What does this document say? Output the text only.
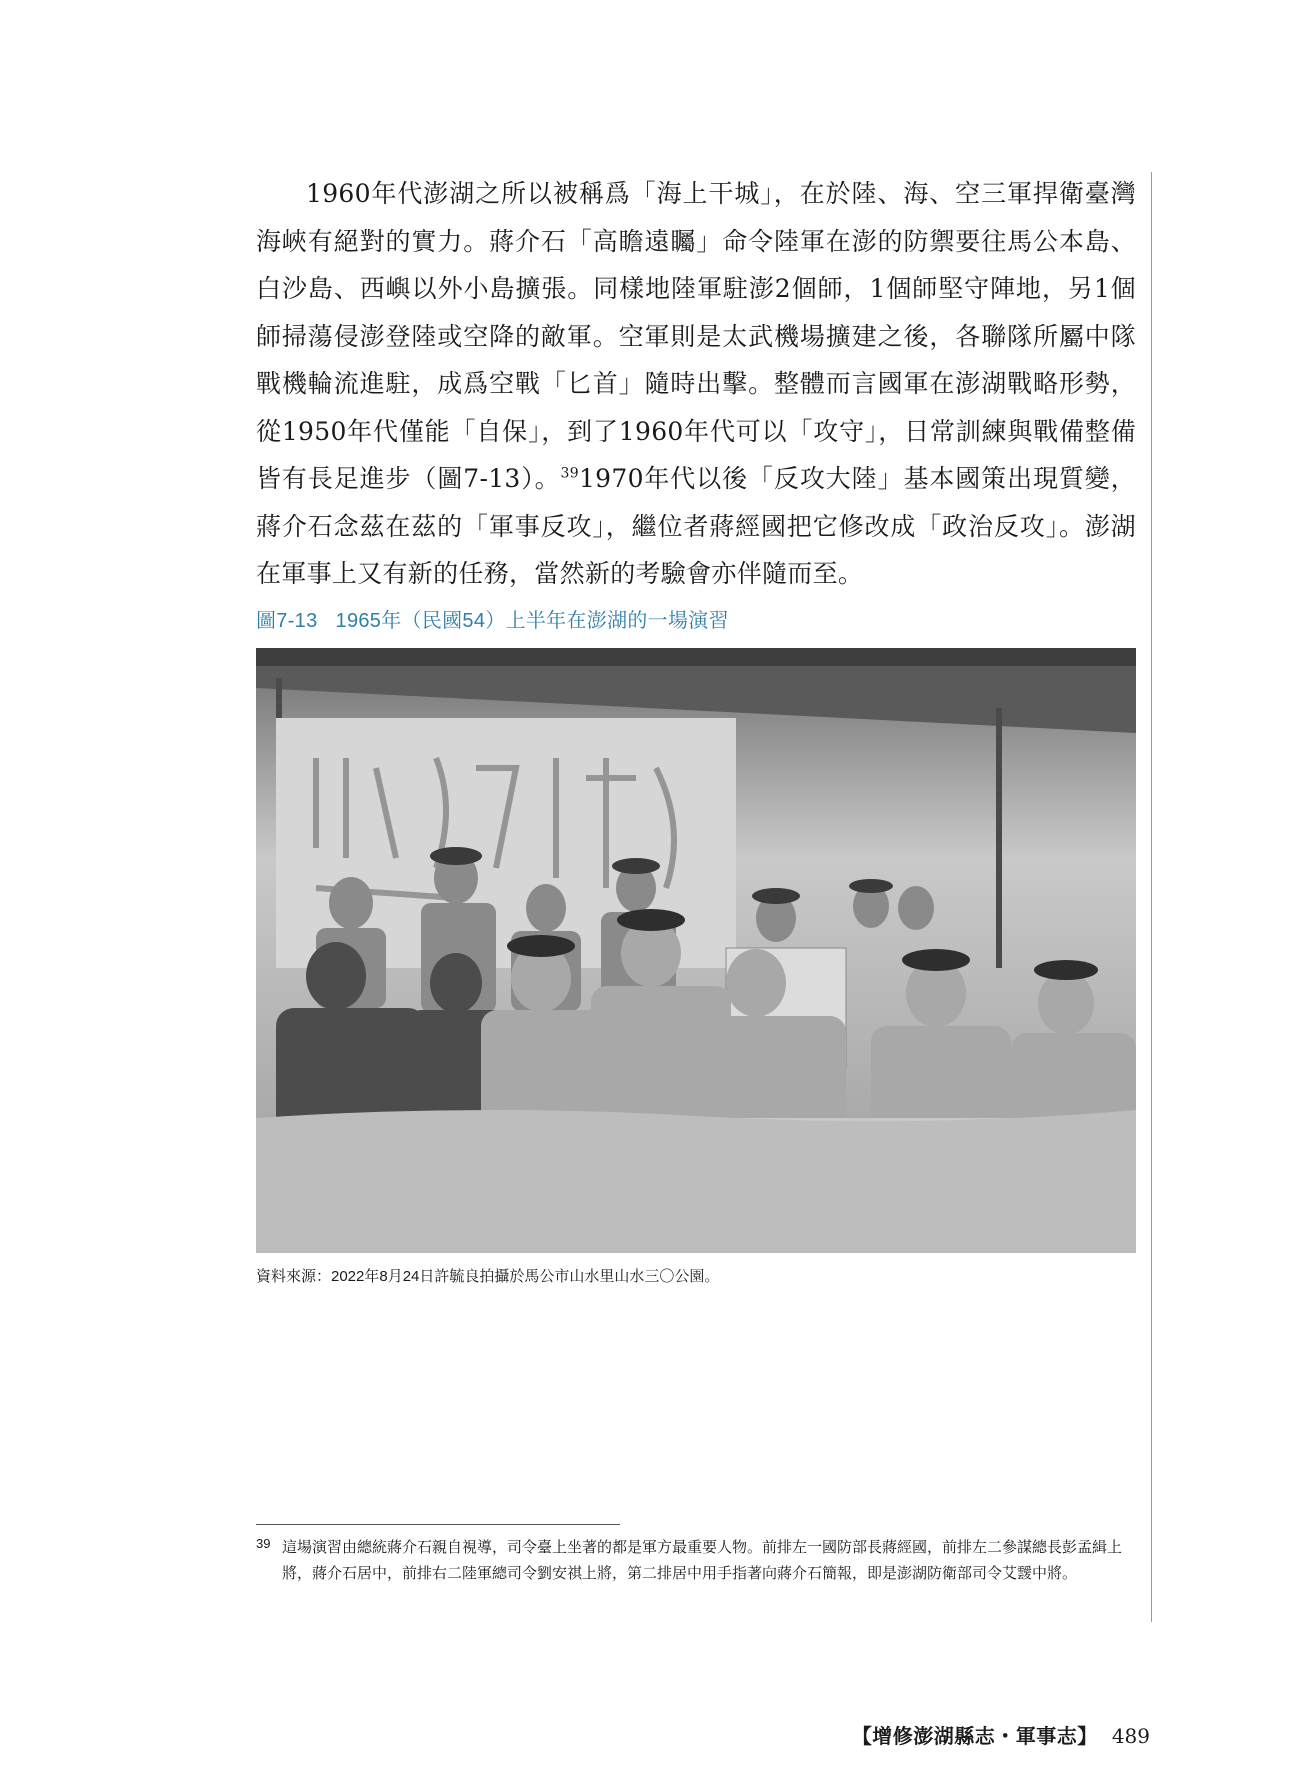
1960年代澎湖之所以被稱爲「海上干城」，在於陸、海、空三軍捍衛臺灣海峽有絕對的實力。蔣介石「高瞻遠矚」命令陸軍在澎的防禦要往馬公本島、白沙島、西嶼以外小島擴張。同樣地陸軍駐澎2個師，1個師堅守陣地，另1個師掃蕩侵澎登陸或空降的敵軍。空軍則是太武機場擴建之後，各聯隊所屬中隊戰機輪流進駐，成爲空戰「匕首」隨時出擊。整體而言國軍在澎湖戰略形勢，從1950年代僅能「自保」，到了1960年代可以「攻守」，日常訓練與戰備整備皆有長足進步（圖7-13）。$^{39}$1970年代以後「反攻大陸」基本國策出現質變，蔣介石念茲在茲的「軍事反攻」，繼位者蔣經國把它修改成「政治反攻」。澎湖在軍事上又有新的任務，當然新的考驗會亦伴隨而至。

圖7-13 1965年（民國54）上半年在澎湖的一場演習
資料來源：2022年8月24日許毓良拍攝於馬公市山水里山水三〇公園。
39 這場演習由總統蔣介石親自視導，司令臺上坐著的都是軍方最重要人物。前排左一國防部長蔣經國，前排左二參謀總長彭孟緝上將，蔣介石居中，前排右二陸軍總司令劉安祺上將，第二排居中用手指著向蔣介石簡報，即是澎湖防衛部司令艾靉中將。
【增修澎湖縣志・軍事志】 489
